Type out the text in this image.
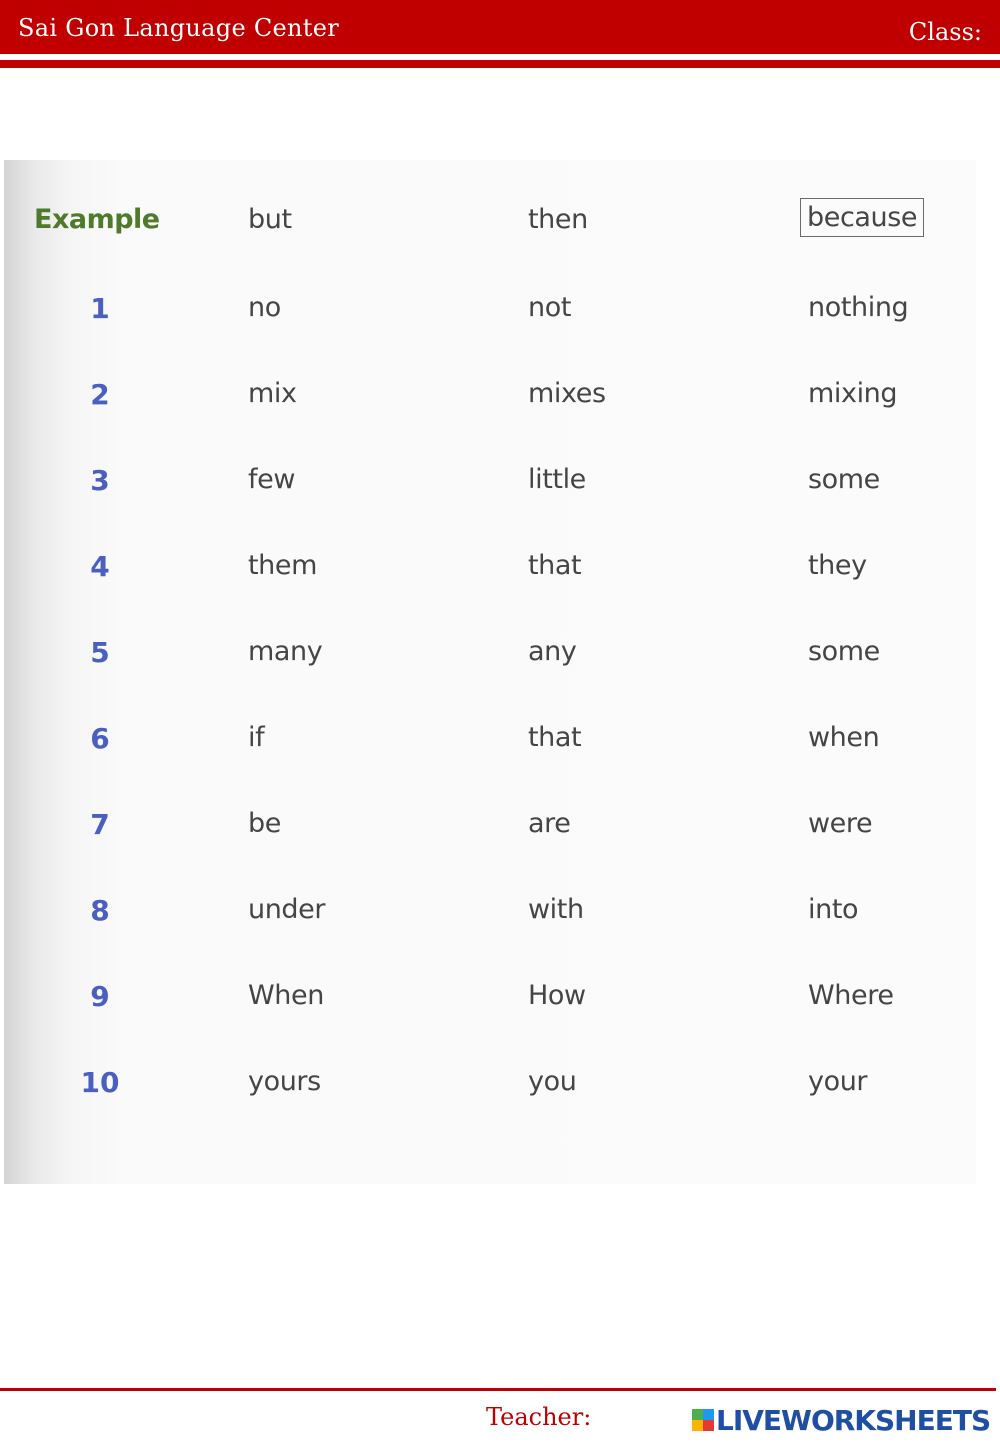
Sai Gon Language Center	Class:
Example	but	then	because
1	no	not	nothing
2	mix	mixes	mixing
3	few	little	some
4	them	that	they
5	many	any	some
6	if	that	when
7	be	are	were
8	under	with	into
9	When	How	Where
10	yours	you	your
Teacher:	LIVEWORKSHEETS
